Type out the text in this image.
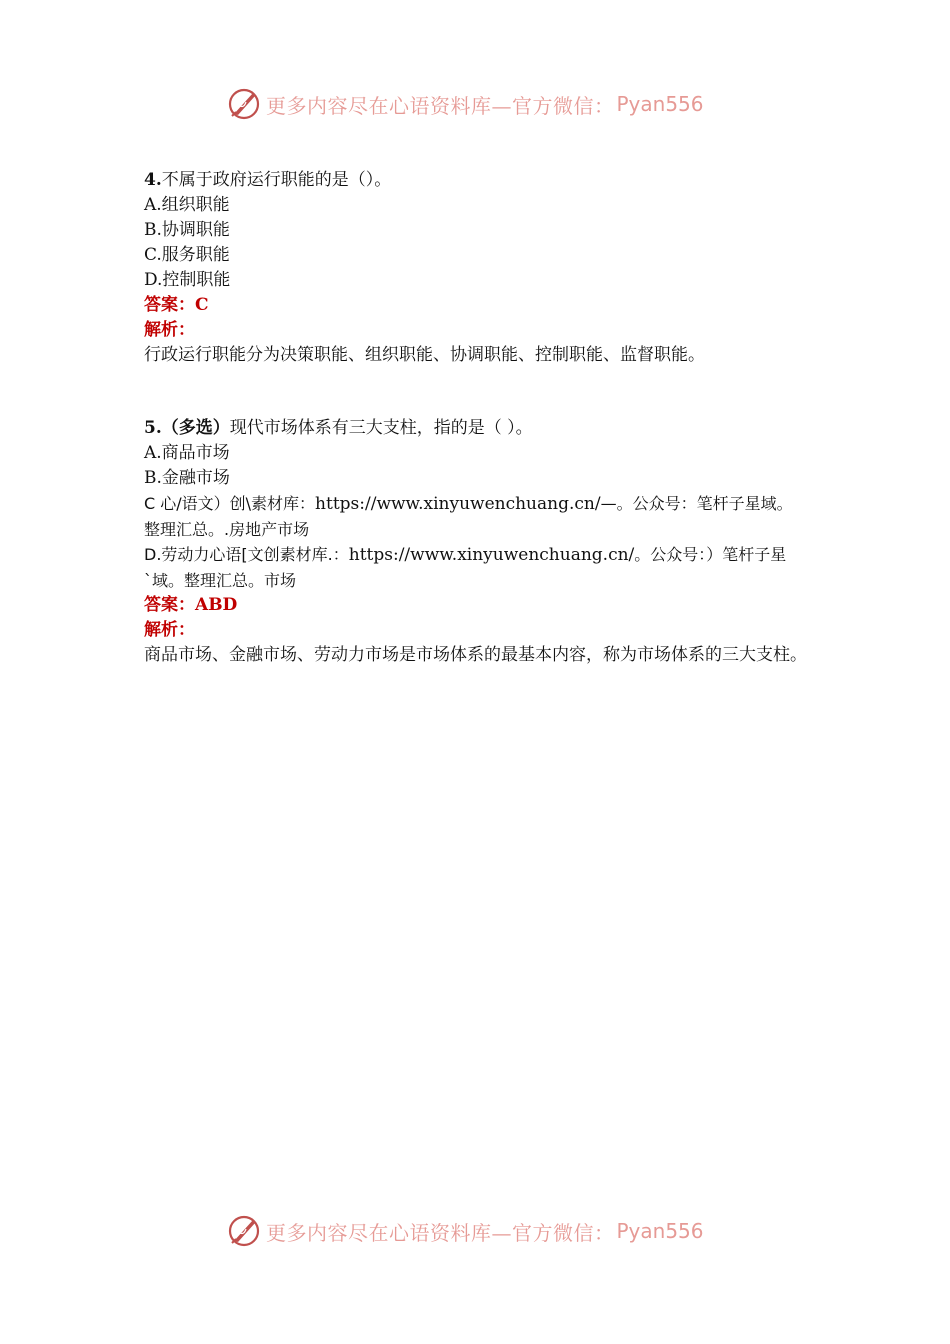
更多内容尽在心语资料库—官方微信： Pyan556

4.不属于政府运行职能的是（）。

A.组织职能

B.协调职能

C.服务职能

D.控制职能

答案：C

解析：

行政运行职能分为决策职能、组织职能、协调职能、控制职能、监督职能。

5.（多选）现代市场体系有三大支柱，指的是（ ）。

A.商品市场

B.金融市场

C 心/语文）创\素材库：https://www.xinyuwenchuang.cn/—。公众号：笔杆子星域。

整理汇总。.房地产市场

D.劳动力心语[文创素材库.：https://www.xinyuwenchuang.cn/。公众号：）笔杆子星

`域。整理汇总。市场

答案：ABD

解析：

商品市场、金融市场、劳动力市场是市场体系的最基本内容，称为市场体系的三大支柱。

更多内容尽在心语资料库—官方微信： Pyan556
